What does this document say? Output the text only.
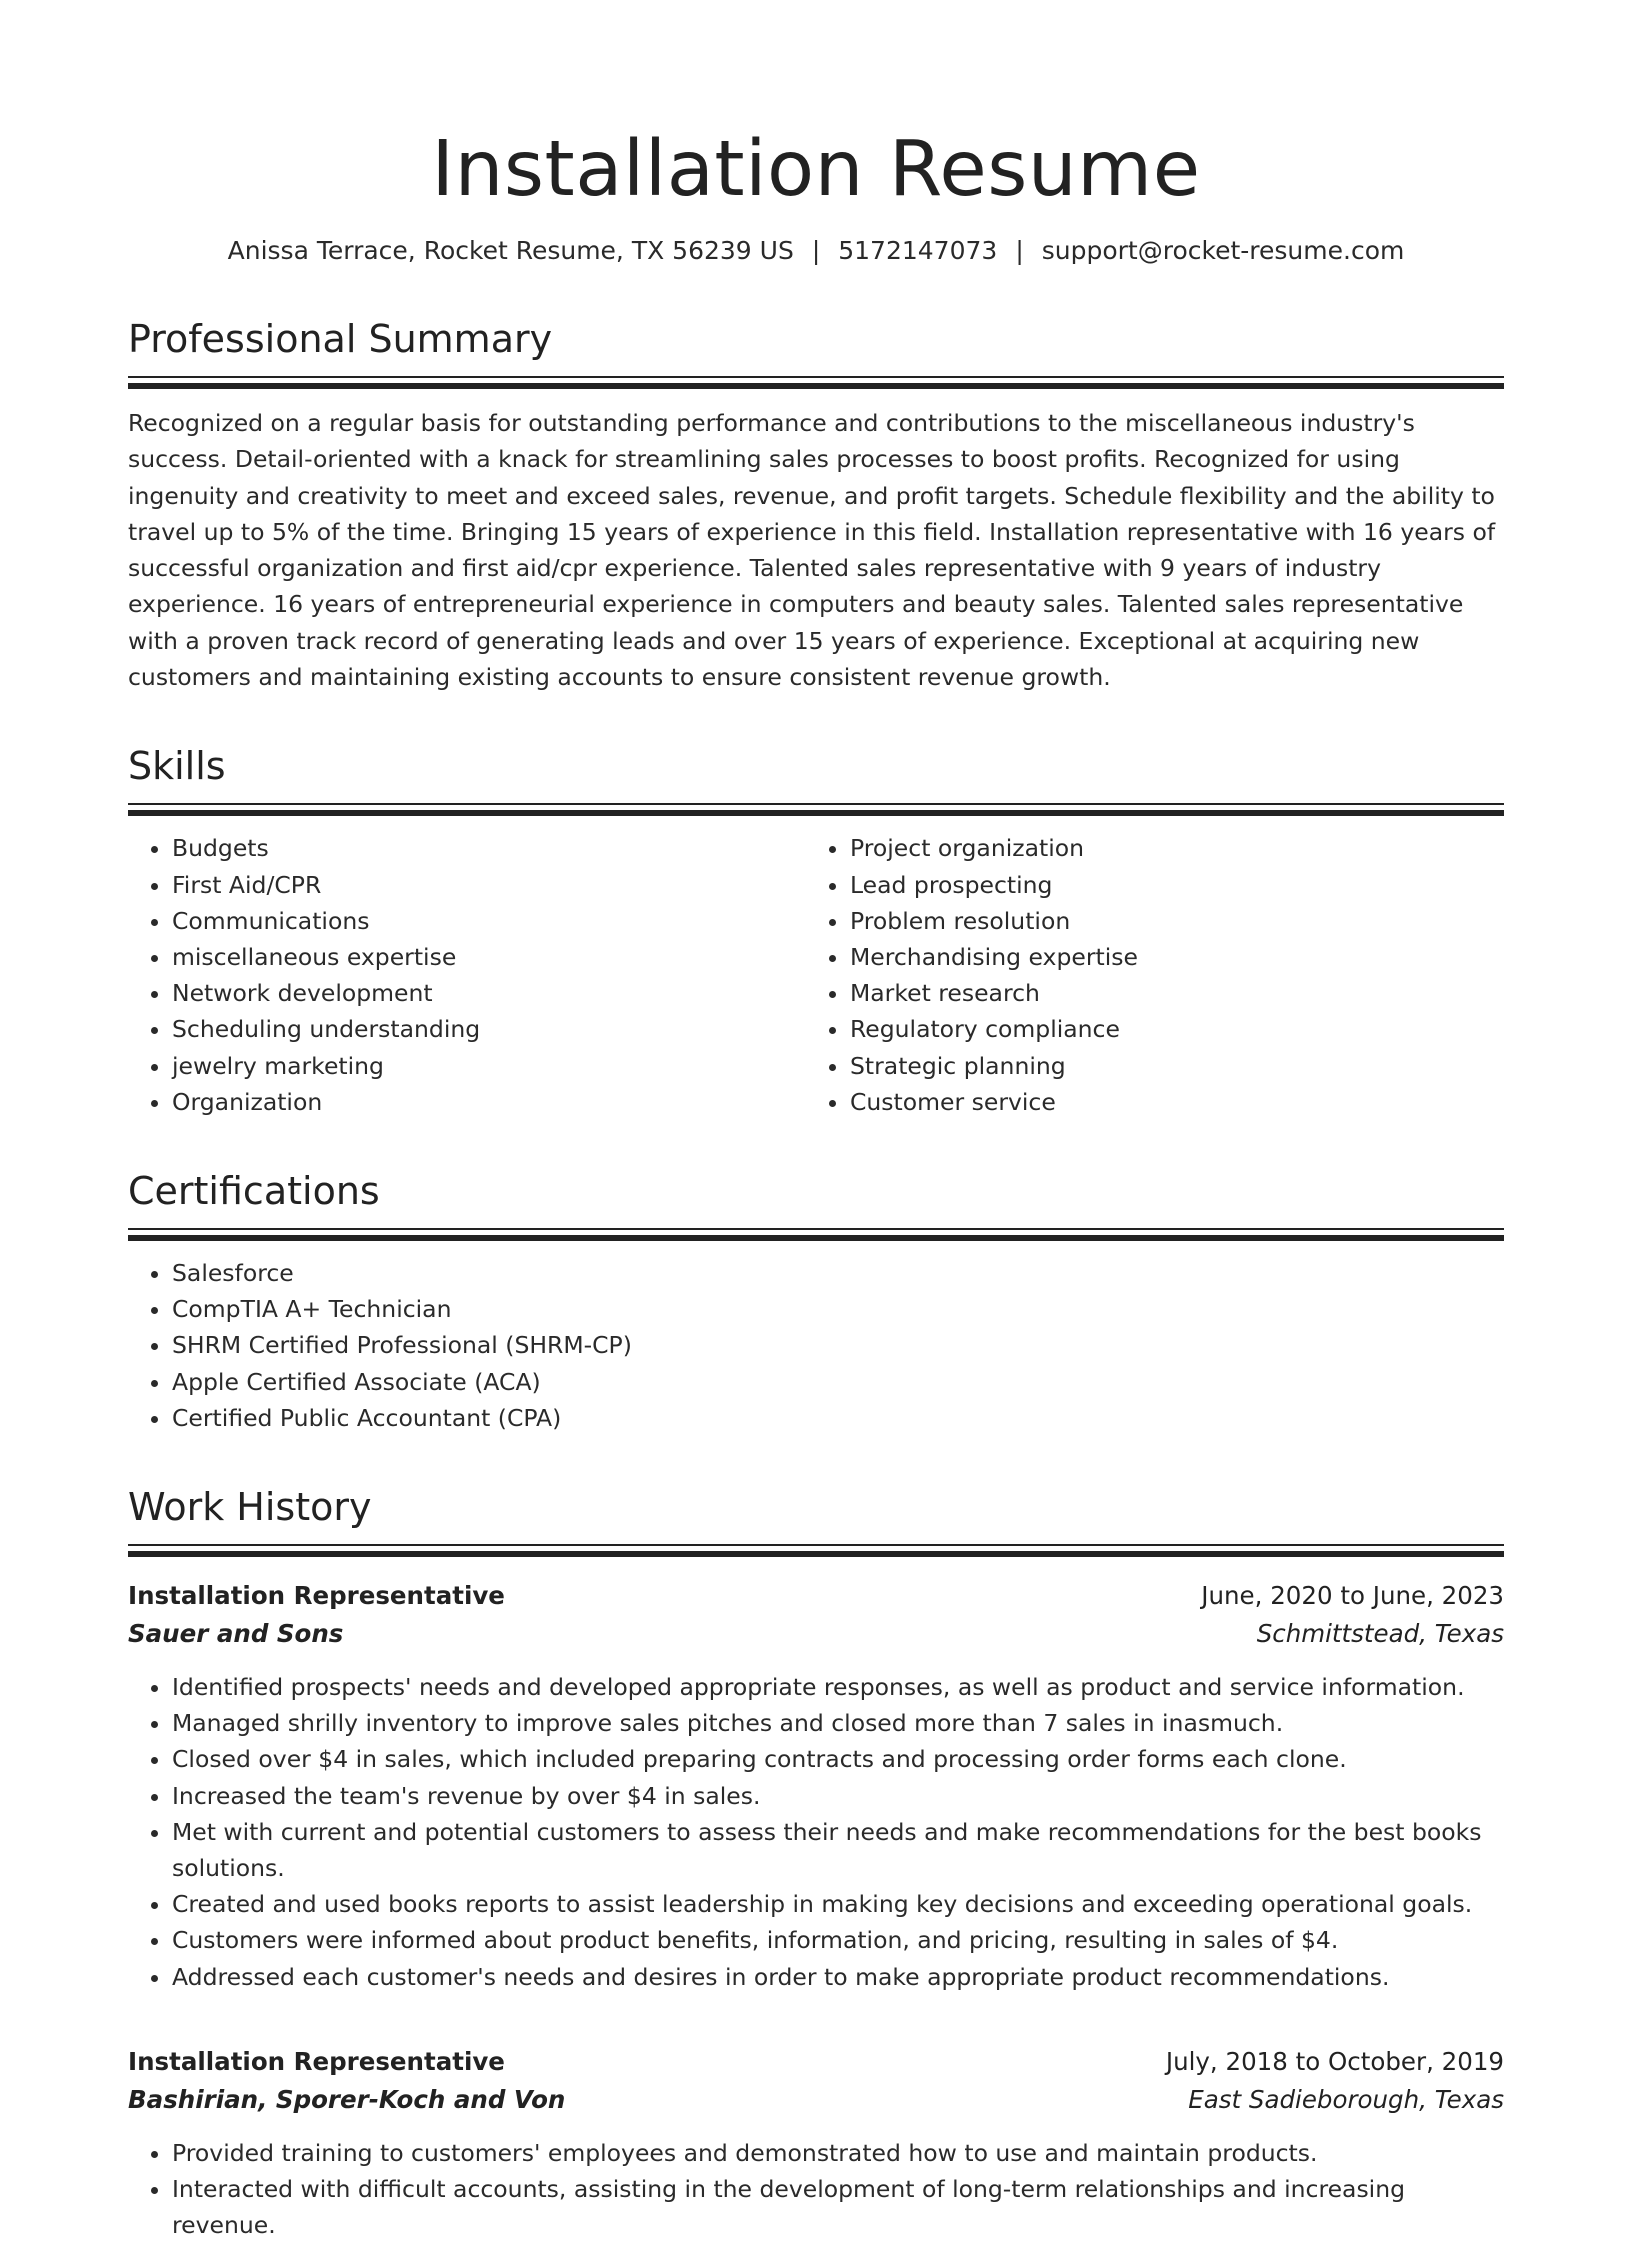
Installation Resume
Anissa Terrace, Rocket Resume, TX 56239 US | 5172147073 | support@rocket-resume.com
Professional Summary

Recognized on a regular basis for outstanding performance and contributions to the miscellaneous industry's success. Detail-oriented with a knack for streamlining sales processes to boost profits. Recognized for using ingenuity and creativity to meet and exceed sales, revenue, and profit targets. Schedule flexibility and the ability to travel up to 5% of the time. Bringing 15 years of experience in this field. Installation representative with 16 years of successful organization and first aid/cpr experience. Talented sales representative with 9 years of industry experience. 16 years of entrepreneurial experience in computers and beauty sales. Talented sales representative with a proven track record of generating leads and over 15 years of experience. Exceptional at acquiring new customers and maintaining existing accounts to ensure consistent revenue growth.

Skills
• Budgets
• First Aid/CPR
• Communications
• miscellaneous expertise
• Network development
• Scheduling understanding
• jewelry marketing
• Organization
• Project organization
• Lead prospecting
• Problem resolution
• Merchandising expertise
• Market research
• Regulatory compliance
• Strategic planning
• Customer service
Certifications
• Salesforce
• CompTIA A+ Technician
• SHRM Certified Professional (SHRM-CP)
• Apple Certified Associate (ACA)
• Certified Public Accountant (CPA)
Work History
Installation Representative	June, 2020 to June, 2023
Sauer and Sons	Schmittstead, Texas
• Identified prospects' needs and developed appropriate responses, as well as product and service information.
• Managed shrilly inventory to improve sales pitches and closed more than 7 sales in inasmuch.
• Closed over $4 in sales, which included preparing contracts and processing order forms each clone.
• Increased the team's revenue by over $4 in sales.
• Met with current and potential customers to assess their needs and make recommendations for the best books solutions.
• Created and used books reports to assist leadership in making key decisions and exceeding operational goals.
• Customers were informed about product benefits, information, and pricing, resulting in sales of $4.
• Addressed each customer's needs and desires in order to make appropriate product recommendations.
Installation Representative	July, 2018 to October, 2019
Bashirian, Sporer-Koch and Von	East Sadieborough, Texas
• Provided training to customers' employees and demonstrated how to use and maintain products.
• Interacted with difficult accounts, assisting in the development of long-term relationships and increasing revenue.
